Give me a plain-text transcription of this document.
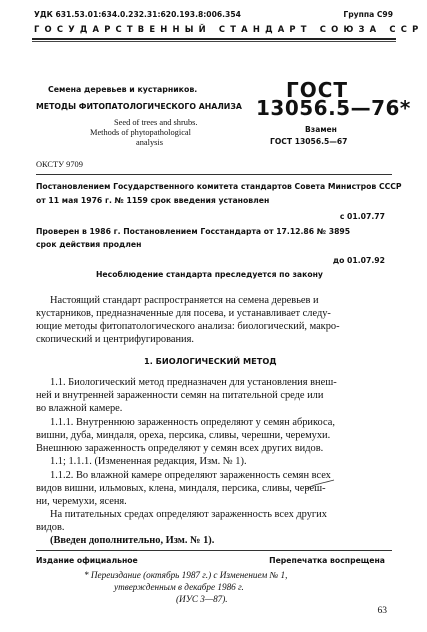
УДК 631.53.01:634.0.232.31:620.193.8:006.354	Группа С99
ГОСУДАРСТВЕННЫЙ СТАНДАРТ СОЮЗА ССР
Семена деревьев и кустарников.
МЕТОДЫ ФИТОПАТОЛОГИЧЕСКОГО АНАЛИЗА
Seed of trees and shrubs.
Methods of phytopathological
analysis
ГОСТ
13056.5—76*
Взамен
ГОСТ 13056.5—67
ОКСТУ 9709
Постановлением Государственного комитета стандартов Совета Министров СССР
от 11 мая 1976 г. № 1159 срок введения установлен
с 01.07.77
Проверен в 1986 г. Постановлением Госстандарта от 17.12.86 № 3895
срок действия продлен
до 01.07.92
Несоблюдение стандарта преследуется по закону
Настоящий стандарт распространяется на семена деревьев и
кустарников, предназначенные для посева, и устанавливает следу-
ющие методы фитопатологического анализа: биологический, макро-
скопический и центрифугирования.
1. БИОЛОГИЧЕСКИЙ МЕТОД
1.1. Биологический метод предназначен для установления внеш-
ней и внутренней зараженности семян на питательной среде или
во влажной камере.
1.1.1. Внутреннюю зараженность определяют у семян абрикоса,
вишни, дуба, миндаля, ореха, персика, сливы, черешни, черемухи.
Внешнюю зараженность определяют у семян всех других видов.
1.1; 1.1.1. (Измененная редакция, Изм. № 1).
1.1.2. Во влажной камере определяют зараженность семян всех
видов вишни, ильмовых, клена, миндаля, персика, сливы, череш-
ни, черемухи, ясеня.
На питательных средах определяют зараженность всех других
видов.
(Введен дополнительно, Изм. № 1).
Издание официальное	Перепечатка воспрещена
* Переиздание (октябрь 1987 г.) с Изменением № 1,
утвержденным в декабре 1986 г.
(ИУС 3—87).
63
